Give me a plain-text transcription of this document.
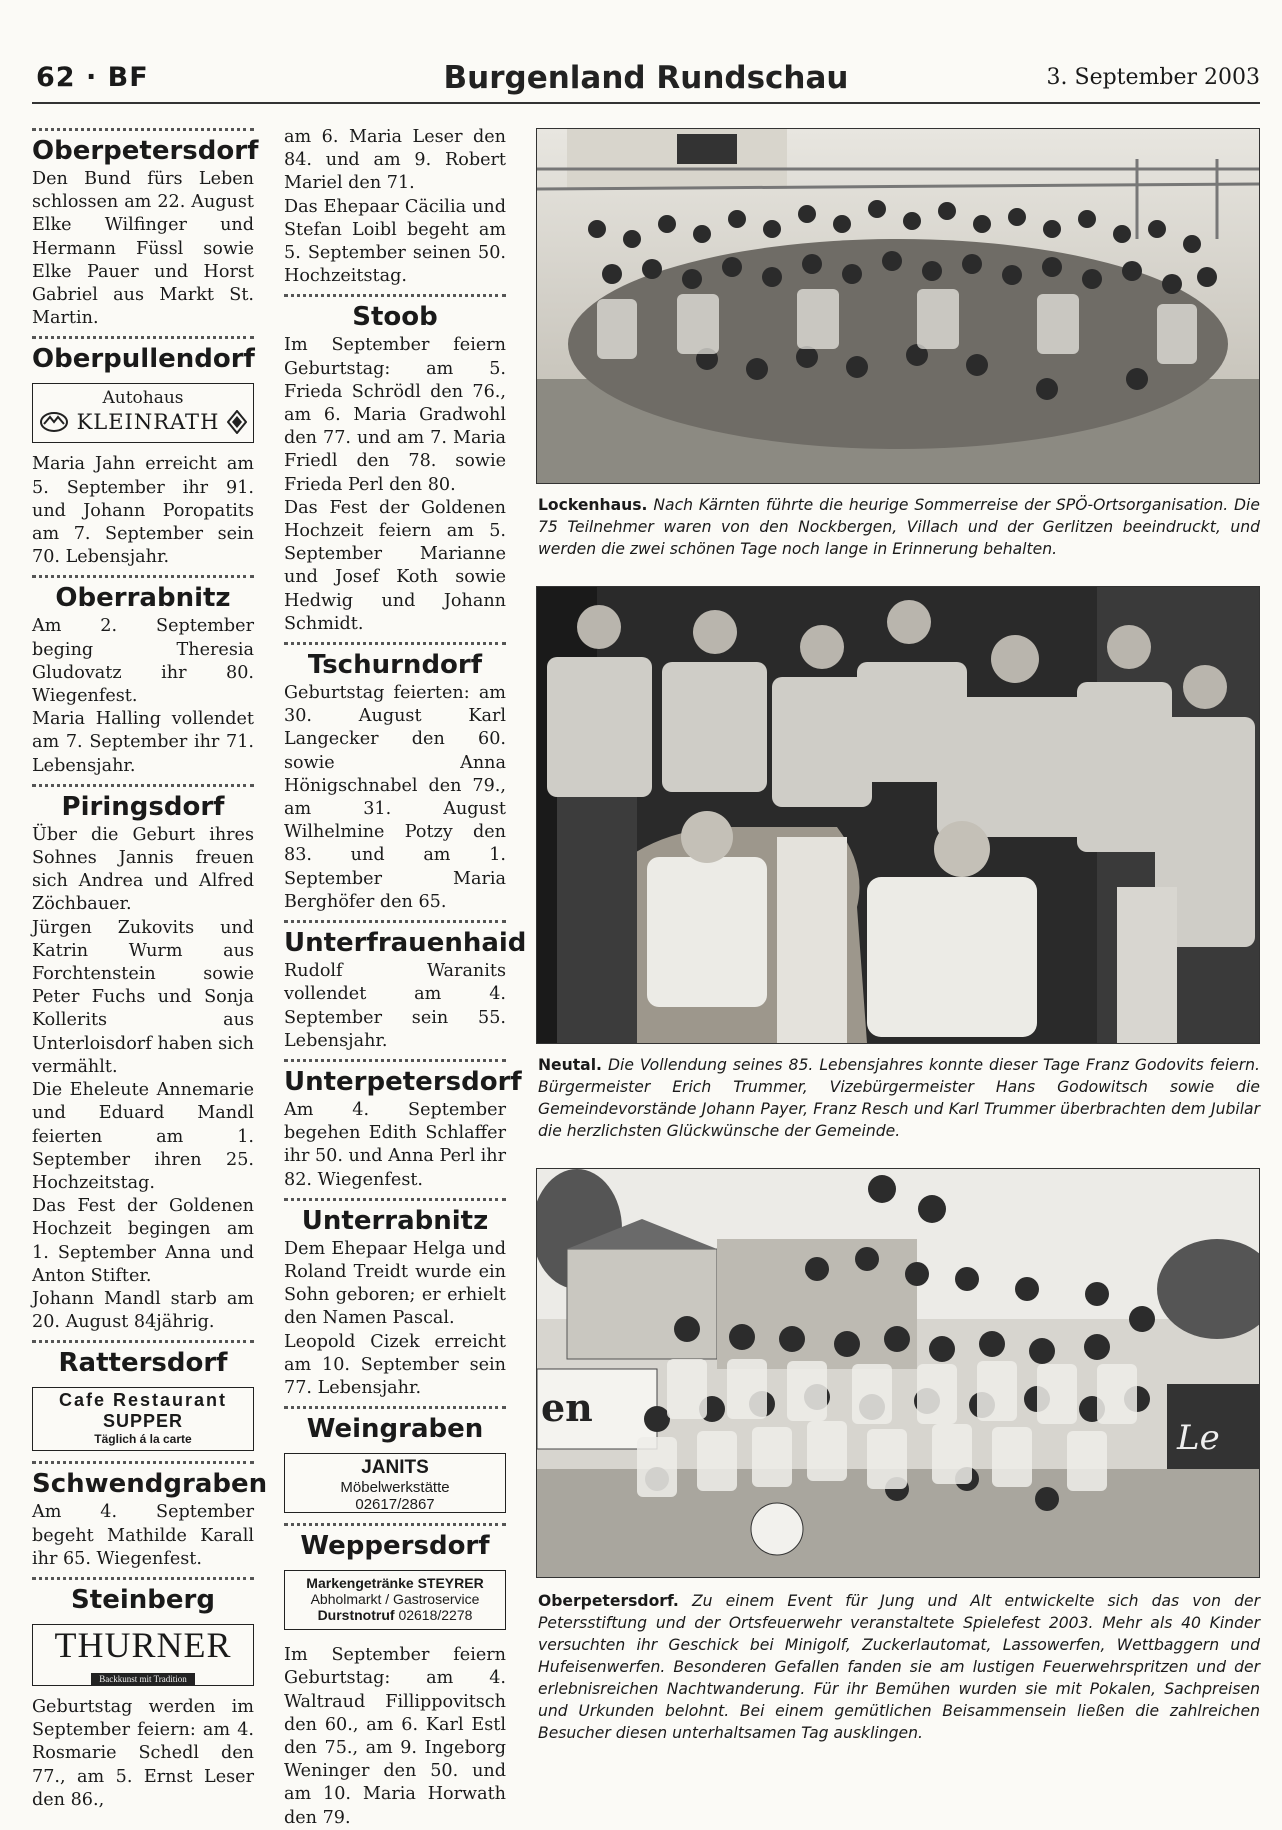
62 · BF	Burgenland Rundschau	3. September 2003
Oberpetersdorf

Den Bund fürs Leben schlossen am 22. August Elke Wilfinger und Hermann Füssl sowie Elke Pauer und Horst Gabriel aus Markt St. Martin.

Oberpullendorf
Autohaus
KLEINRATH

Maria Jahn erreicht am 5. September ihr 91. und Johann Poropatits am 7. September sein 70. Lebensjahr.

Oberrabnitz

Am 2. September beging Theresia Gludovatz ihr 80. Wiegenfest.

Maria Halling vollendet am 7. September ihr 71. Lebensjahr.

Piringsdorf

Über die Geburt ihres Sohnes Jannis freuen sich Andrea und Alfred Zöchbauer.

Jürgen Zukovits und Katrin Wurm aus Forchtenstein sowie Peter Fuchs und Sonja Kollerits aus Unterloisdorf haben sich vermählt.

Die Eheleute Annemarie und Eduard Mandl feierten am 1. September ihren 25. Hochzeitstag.

Das Fest der Goldenen Hochzeit begingen am 1. September Anna und Anton Stifter.

Johann Mandl starb am 20. August 84jährig.

Rattersdorf
Cafe Restaurant
SUPPER
Täglich á la carte
Schwendgraben

Am 4. September begeht Mathilde Karall ihr 65. Wiegenfest.

Steinberg
THURNER
Backkunst mit Tradition

Geburtstag werden im September feiern: am 4. Rosmarie Schedl den 77., am 5. Ernst Leser den 86.,

am 6. Maria Leser den 84. und am 9. Robert Mariel den 71.

Das Ehepaar Cäcilia und Stefan Loibl begeht am 5. September seinen 50. Hochzeitstag.

Stoob

Im September feiern Geburtstag: am 5. Frieda Schrödl den 76., am 6. Maria Gradwohl den 77. und am 7. Maria Friedl den 78. sowie Frieda Perl den 80.

Das Fest der Goldenen Hochzeit feiern am 5. September Marianne und Josef Koth sowie Hedwig und Johann Schmidt.

Tschurndorf

Geburtstag feierten: am 30. August Karl Langecker den 60. sowie Anna Hönigschnabel den 79., am 31. August Wilhelmine Potzy den 83. und am 1. September Maria Berghöfer den 65.

Unterfrauenhaid

Rudolf Waranits vollendet am 4. September sein 55. Lebensjahr.

Unterpetersdorf

Am 4. September begehen Edith Schlaffer ihr 50. und Anna Perl ihr 82. Wiegenfest.

Unterrabnitz

Dem Ehepaar Helga und Roland Treidt wurde ein Sohn geboren; er erhielt den Namen Pascal.

Leopold Cizek erreicht am 10. September sein 77. Lebensjahr.

Weingraben
JANITS
Möbelwerkstätte
02617/2867
Weppersdorf
Markengetränke STEYRER
Abholmarkt / Gastroservice
Durstnotruf 02618/2278

Im September feiern Geburtstag: am 4. Waltraud Fillippovitsch den 60., am 6. Karl Estl den 75., am 9. Ingeborg Weninger den 50. und am 10. Maria Horwath den 79.

Lockenhaus. Nach Kärnten führte die heurige Sommerreise der SPÖ-Ortsorganisation. Die 75 Teilnehmer waren von den Nockbergen, Villach und der Gerlitzen beeindruckt, und werden die zwei schönen Tage noch lange in Erinnerung behalten.
Neutal. Die Vollendung seines 85. Lebensjahres konnte dieser Tage Franz Godovits feiern. Bürgermeister Erich Trummer, Vizebürgermeister Hans Godowitsch sowie die Gemeindevorstände Johann Payer, Franz Resch und Karl Trummer überbrachten dem Jubilar die herzlichsten Glückwünsche der Gemeinde.
en
Le
Oberpetersdorf. Zu einem Event für Jung und Alt entwickelte sich das von der Petersstiftung und der Ortsfeuerwehr veranstaltete Spielefest 2003. Mehr als 40 Kinder versuchten ihr Geschick bei Minigolf, Zuckerlautomat, Lassowerfen, Wettbaggern und Hufeisenwerfen. Besonderen Gefallen fanden sie am lustigen Feuerwehrspritzen und der erlebnisreichen Nachtwanderung. Für ihr Bemühen wurden sie mit Pokalen, Sachpreisen und Urkunden belohnt. Bei einem gemütlichen Beisammensein ließen die zahlreichen Besucher diesen unterhaltsamen Tag ausklingen.
